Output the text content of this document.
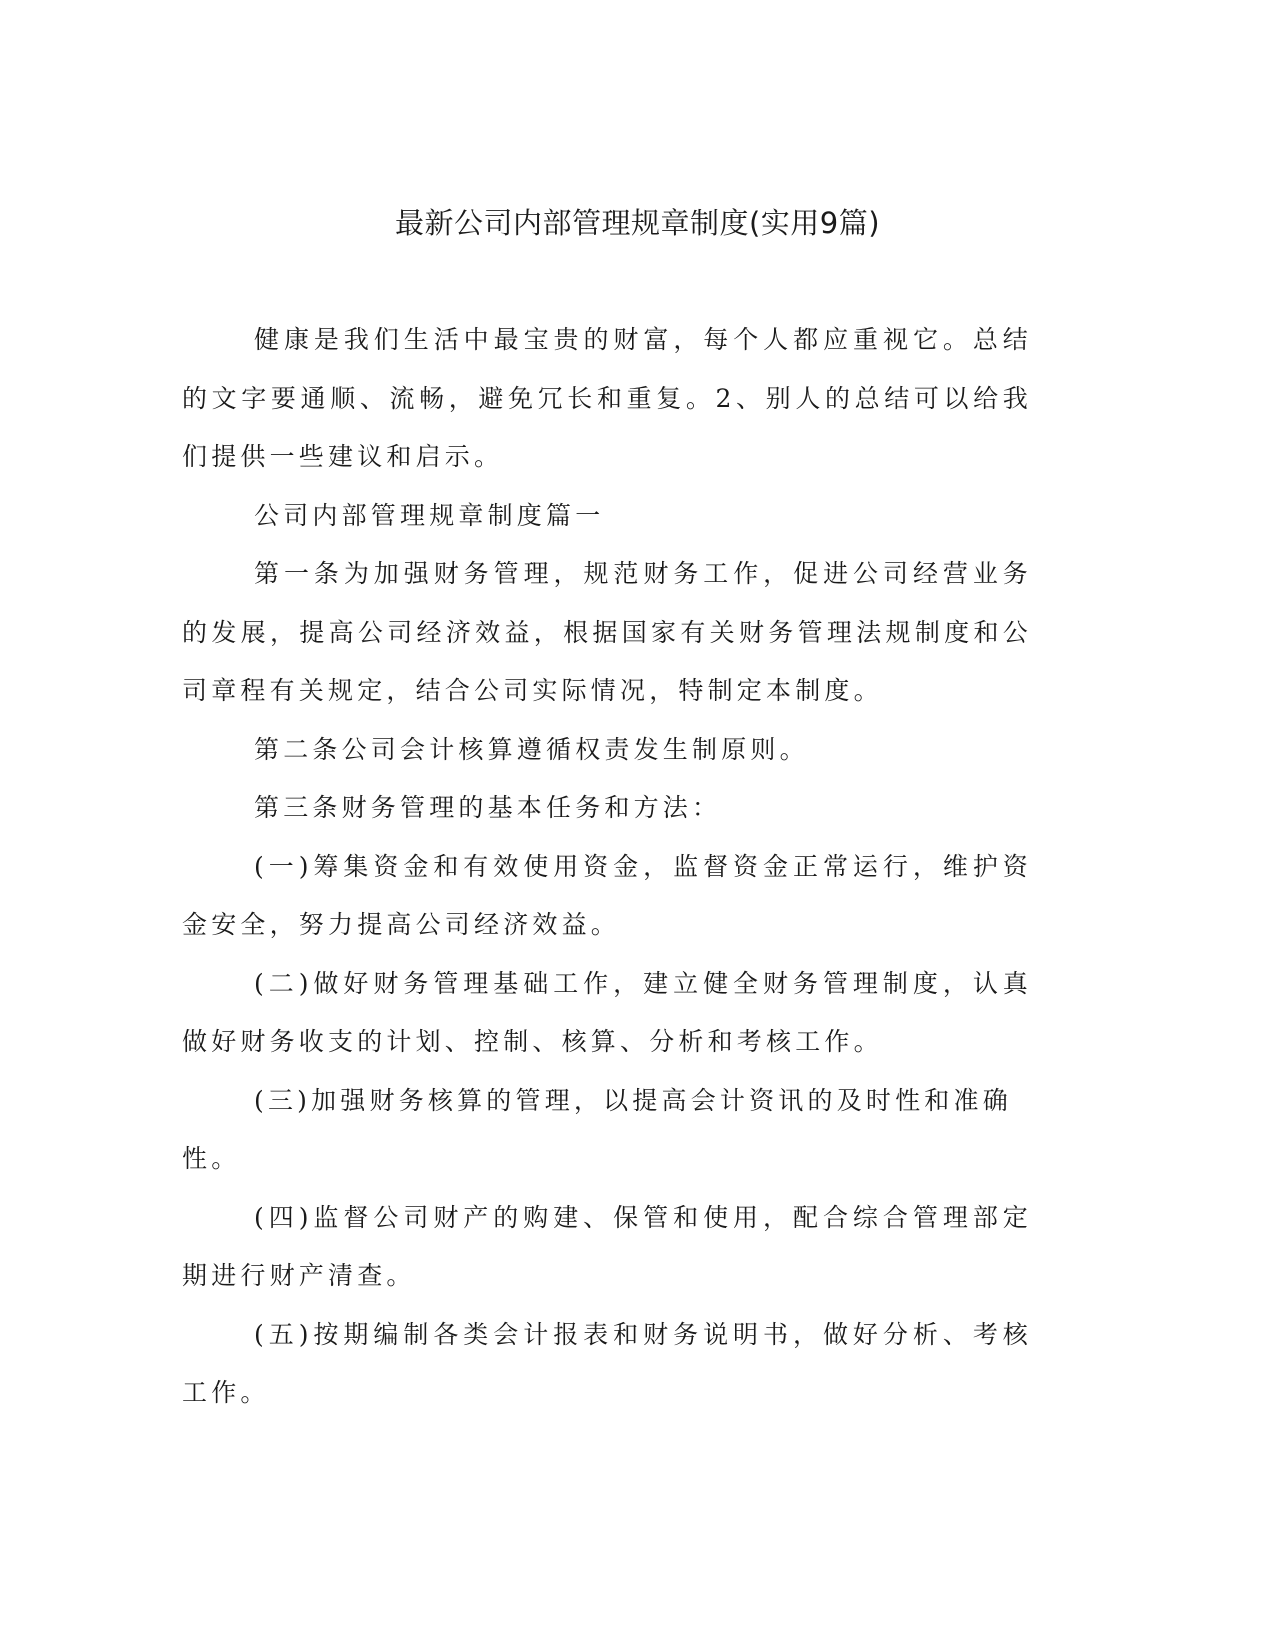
最新公司内部管理规章制度(实用9篇)

健康是我们生活中最宝贵的财富，每个人都应重视它。总结的文字要通顺、流畅，避免冗长和重复。2、别人的总结可以给我们提供一些建议和启示。

公司内部管理规章制度篇一

第一条为加强财务管理，规范财务工作，促进公司经营业务的发展，提高公司经济效益，根据国家有关财务管理法规制度和公司章程有关规定，结合公司实际情况，特制定本制度。

第二条公司会计核算遵循权责发生制原则。

第三条财务管理的基本任务和方法：

(一)筹集资金和有效使用资金，监督资金正常运行，维护资金安全，努力提高公司经济效益。

(二)做好财务管理基础工作，建立健全财务管理制度，认真做好财务收支的计划、控制、核算、分析和考核工作。

(三)加强财务核算的管理，以提高会计资讯的及时性和准确性。

(四)监督公司财产的购建、保管和使用，配合综合管理部定期进行财产清查。

(五)按期编制各类会计报表和财务说明书，做好分析、考核工作。
